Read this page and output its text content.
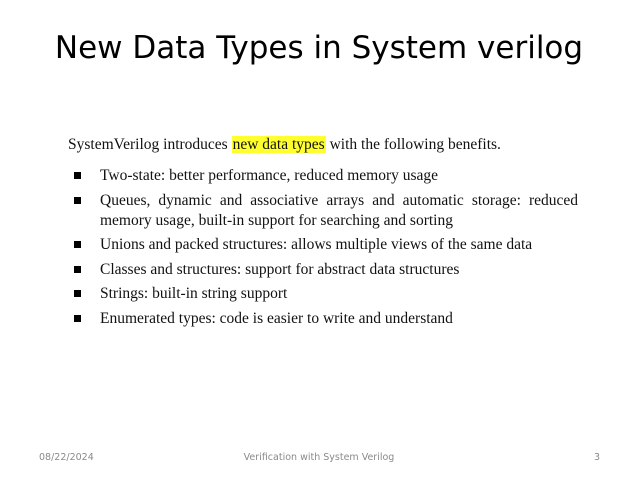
New Data Types in System verilog

SystemVerilog introduces new data types with the following benefits.

Two-state: better performance, reduced memory usage
Queues, dynamic and associative arrays and automatic storage: reduced memory usage, built-in support for searching and sorting
Unions and packed structures: allows multiple views of the same data
Classes and structures: support for abstract data structures
Strings: built-in string support
Enumerated types: code is easier to write and understand
08/22/2024	Verification with System Verilog	3
